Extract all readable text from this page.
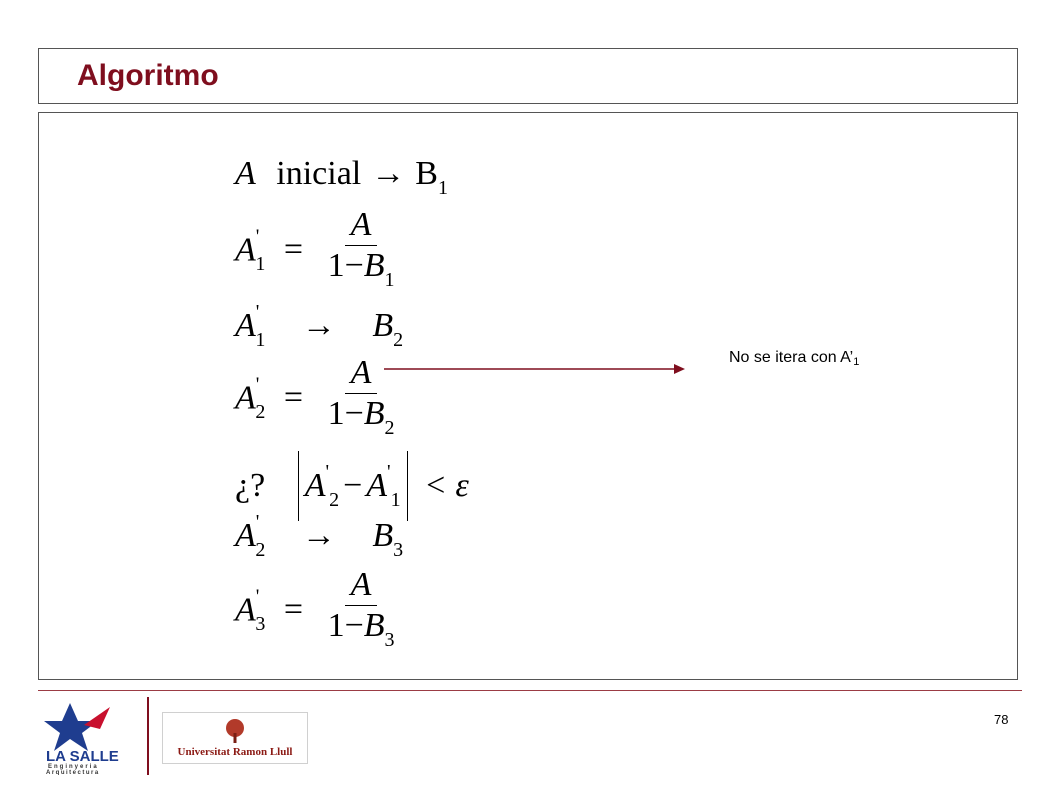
Algoritmo
A inicial → $B_1$
$A'_1 = \frac{A}{1-B_1}$
$A'_1 \to B_2$
$A'_2 = \frac{A}{1-B_2}$
¿? $A'_2 - A'_1 < \varepsilon$
$A'_2 \to B_3$
$A'_3 = \frac{A}{1-B_3}$
No se itera con A’1
LA SALLE
Enginyeria
Arquitectura
Universitat Ramon Llull
78
